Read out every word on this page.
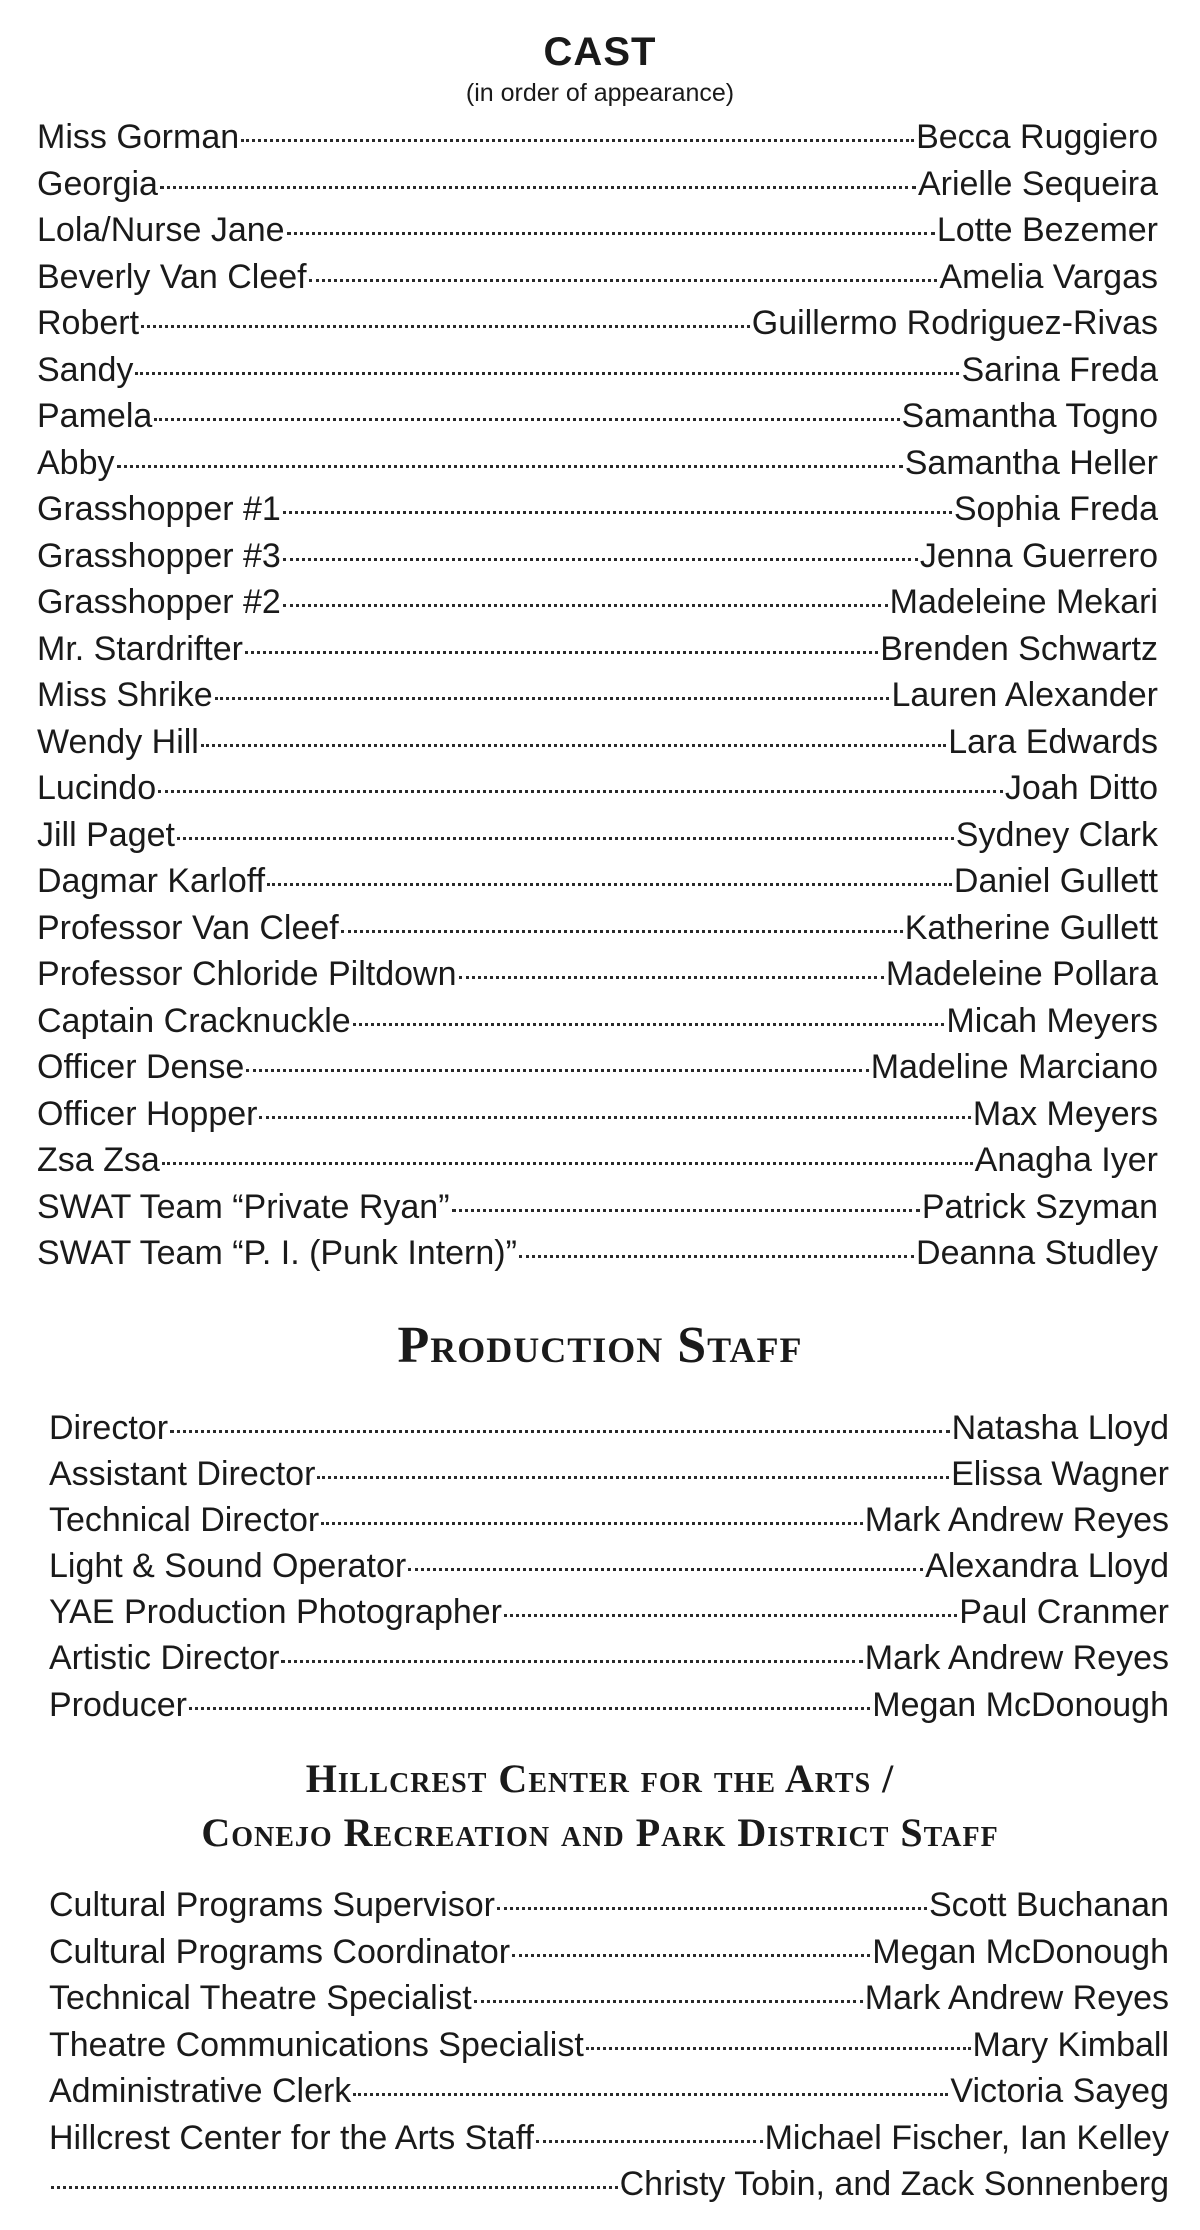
CAST
(in order of appearance)
Miss Gorman	Becca Ruggiero
Georgia	Arielle Sequeira
Lola/Nurse Jane	Lotte Bezemer
Beverly Van Cleef	Amelia Vargas
Robert	Guillermo Rodriguez-Rivas
Sandy	Sarina Freda
Pamela	Samantha Togno
Abby	Samantha Heller
Grasshopper #1	Sophia Freda
Grasshopper #3	Jenna Guerrero
Grasshopper #2	Madeleine Mekari
Mr. Stardrifter	Brenden Schwartz
Miss Shrike	Lauren Alexander
Wendy Hill	Lara Edwards
Lucindo	Joah Ditto
Jill Paget	Sydney Clark
Dagmar Karloff	Daniel Gullett
Professor Van Cleef	Katherine Gullett
Professor Chloride Piltdown	Madeleine Pollara
Captain Cracknuckle	Micah Meyers
Officer Dense	Madeline Marciano
Officer Hopper	Max Meyers
Zsa Zsa	Anagha Iyer
SWAT Team “Private Ryan”	Patrick Szyman
SWAT Team “P. I. (Punk Intern)”	Deanna Studley
Production Staff
Director	Natasha Lloyd
Assistant Director	Elissa Wagner
Technical Director	Mark Andrew Reyes
Light & Sound Operator	Alexandra Lloyd
YAE Production Photographer	Paul Cranmer
Artistic Director	Mark Andrew Reyes
Producer	Megan McDonough
Hillcrest Center for the Arts /
Conejo Recreation and Park District Staff
Cultural Programs Supervisor	Scott Buchanan
Cultural Programs Coordinator	Megan McDonough
Technical Theatre Specialist	Mark Andrew Reyes
Theatre Communications Specialist	Mary Kimball
Administrative Clerk	Victoria Sayeg
Hillcrest Center for the Arts Staff	Michael Fischer, Ian Kelley
Christy Tobin, and Zack Sonnenberg
